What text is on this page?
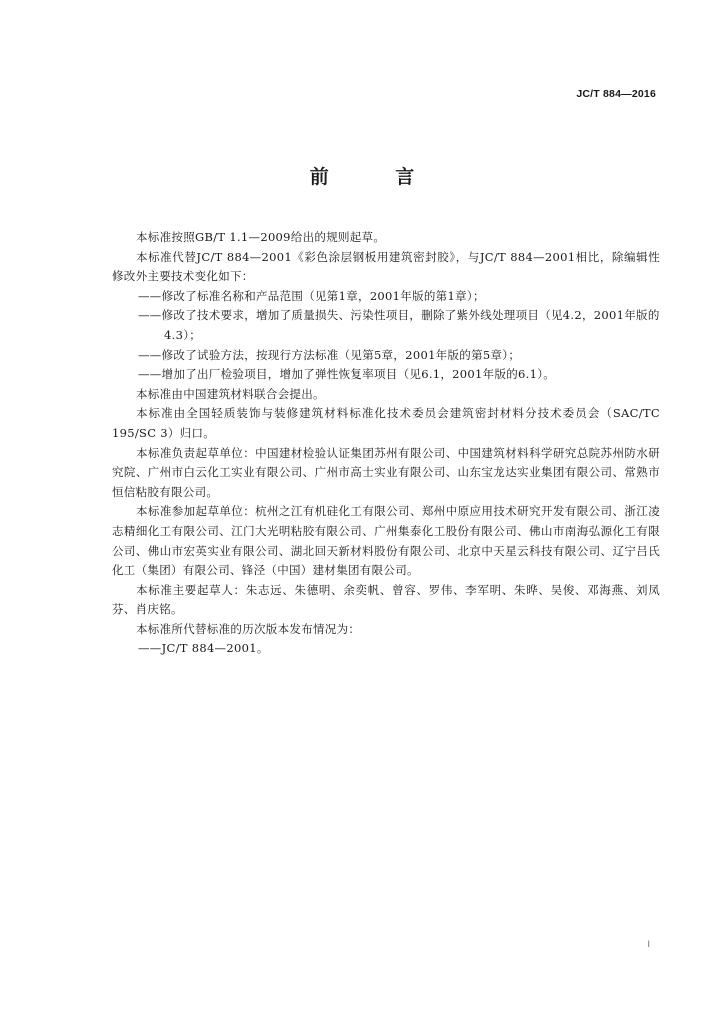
JC/T 884—2016
前 言

本标准按照GB/T 1.1—2009给出的规则起草。

本标准代替JC/T 884—2001《彩色涂层钢板用建筑密封胶》，与JC/T 884—2001相比，除编辑性修改外主要技术变化如下：

——修改了标准名称和产品范围（见第1章，2001年版的第1章）；

——修改了技术要求，增加了质量损失、污染性项目，删除了紫外线处理项目（见4.2，2001年版的4.3）；

——修改了试验方法，按现行方法标准（见第5章，2001年版的第5章）；

——增加了出厂检验项目，增加了弹性恢复率项目（见6.1，2001年版的6.1）。

本标准由中国建筑材料联合会提出。

本标准由全国轻质装饰与装修建筑材料标准化技术委员会建筑密封材料分技术委员会（SAC/TC 195/SC 3）归口。

本标准负责起草单位：中国建材检验认证集团苏州有限公司、中国建筑材料科学研究总院苏州防水研究院、广州市白云化工实业有限公司、广州市高士实业有限公司、山东宝龙达实业集团有限公司、常熟市恒信粘胶有限公司。

本标准参加起草单位：杭州之江有机硅化工有限公司、郑州中原应用技术研究开发有限公司、浙江凌志精细化工有限公司、江门大光明粘胶有限公司、广州集泰化工股份有限公司、佛山市南海弘源化工有限公司、佛山市宏英实业有限公司、湖北回天新材料股份有限公司、北京中天星云科技有限公司、辽宁吕氏化工（集团）有限公司、锋泾（中国）建材集团有限公司。

本标准主要起草人：朱志远、朱德明、余奕帆、曾容、罗伟、李军明、朱晔、吴俊、邓海燕、刘凤芬、肖庆铭。

本标准所代替标准的历次版本发布情况为：

——JC/T 884—2001。

I
